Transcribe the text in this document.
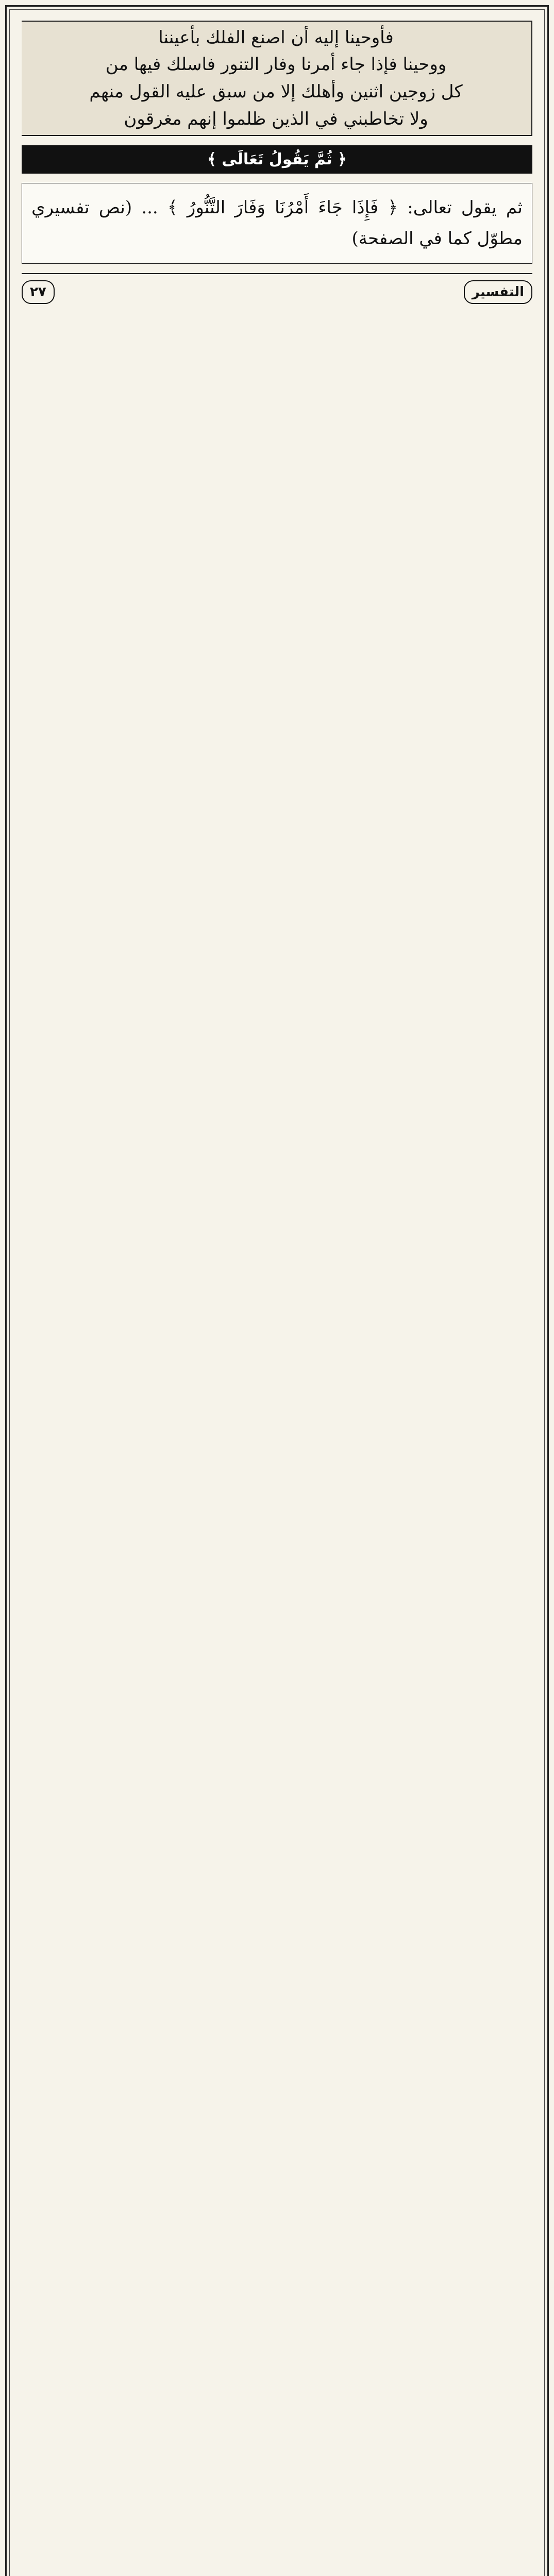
فأوحينا إليه أن اصنع الفلك بأعيننا
ووحينا فإذا جاء أمرنا وفار التنور فاسلك فيها من
كل زوجين اثنين وأهلك إلا من سبق عليه القول منهم
ولا تخاطبني في الذين ظلموا إنهم مغرقون
﴿ ثُمَّ يَقُولُ تَعَالَى ﴾
ثم يقول تعالى: ﴿ فَإِذَا جَاءَ أَمْرُنَا وَفَارَ التَّنُّورُ ﴾ ... (نص تفسيري مطوّل كما في الصفحة)
التفسير
٢٧
